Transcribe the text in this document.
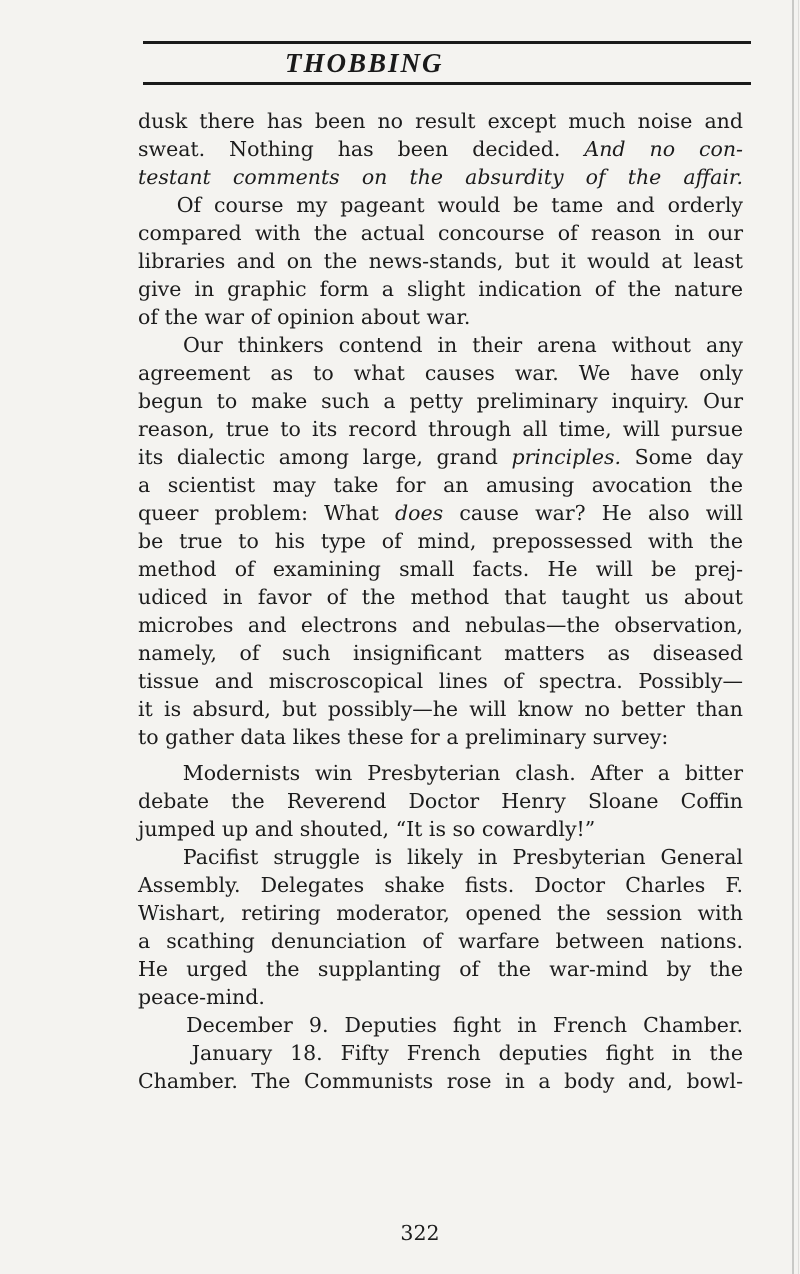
THOBBING
dusk there has been no result except much noise and
sweat. Nothing has been decided. And no con-
testant comments on the absurdity of the affair.
Of course my pageant would be tame and orderly
compared with the actual concourse of reason in our
libraries and on the news-stands, but it would at least
give in graphic form a slight indication of the nature
of the war of opinion about war.
Our thinkers contend in their arena without any
agreement as to what causes war. We have only
begun to make such a petty preliminary inquiry. Our
reason, true to its record through all time, will pursue
its dialectic among large, grand principles. Some day
a scientist may take for an amusing avocation the
queer problem: What does cause war? He also will
be true to his type of mind, prepossessed with the
method of examining small facts. He will be prej-
udiced in favor of the method that taught us about
microbes and electrons and nebulas—the observation,
namely, of such insignificant matters as diseased
tissue and miscroscopical lines of spectra. Possibly—
it is absurd, but possibly—he will know no better than
to gather data likes these for a preliminary survey:
Modernists win Presbyterian clash. After a bitter
debate the Reverend Doctor Henry Sloane Coffin
jumped up and shouted, “It is so cowardly!”
Pacifist struggle is likely in Presbyterian General
Assembly. Delegates shake fists. Doctor Charles F.
Wishart, retiring moderator, opened the session with
a scathing denunciation of warfare between nations.
He urged the supplanting of the war-mind by the
peace-mind.
December 9. Deputies fight in French Chamber.
January 18. Fifty French deputies fight in the
Chamber. The Communists rose in a body and, bowl-
322
